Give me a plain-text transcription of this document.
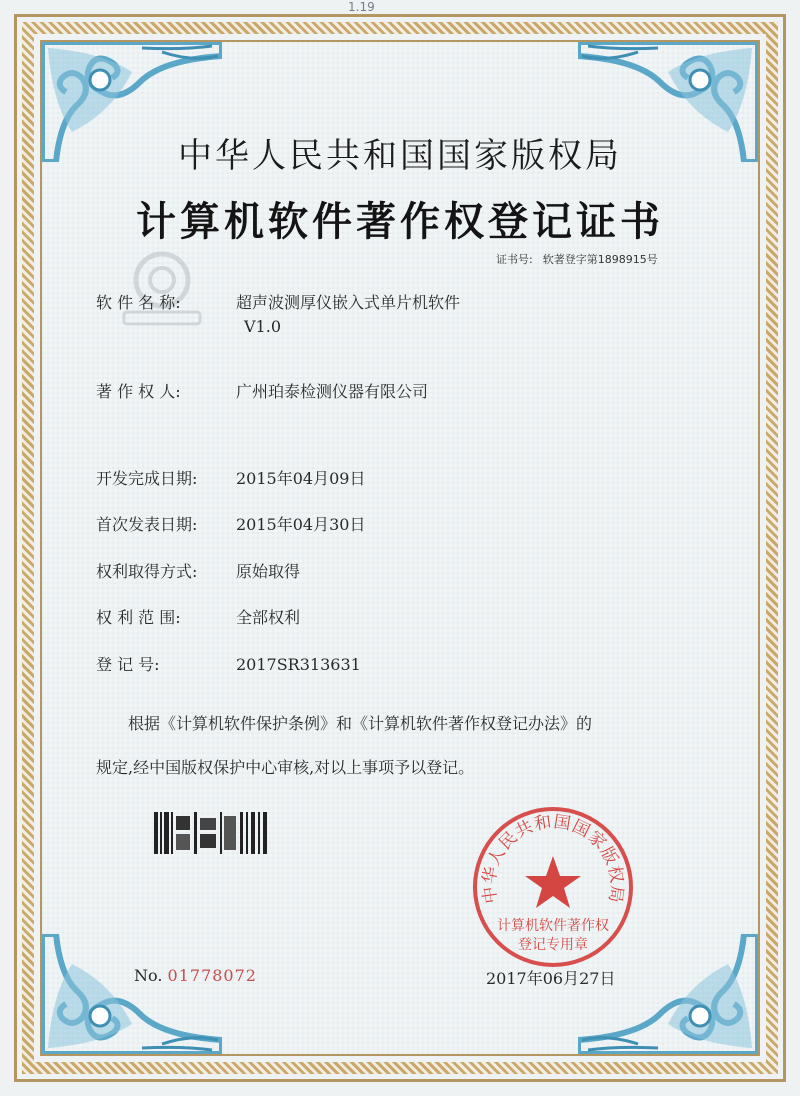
1.19
中华人民共和国国家版权局
计算机软件著作权登记证书
证书号: 软著登字第1898915号
软 件 名 称:	超声波测厚仪嵌入式单片机软件
V1.0
著 作 权 人:	广州珀泰检测仪器有限公司
开发完成日期: 2015年04月09日
首次发表日期: 2015年04月30日
权利取得方式: 原始取得
权 利 范 围:	全部权利
登 记 号:	2017SR313631
根据《计算机软件保护条例》和《计算机软件著作权登记办法》的
规定,经中国版权保护中心审核,对以上事项予以登记。
No. 01778072
中华人民共和国国家版权局
计算机软件著作权
登记专用章
2017年06月27日
